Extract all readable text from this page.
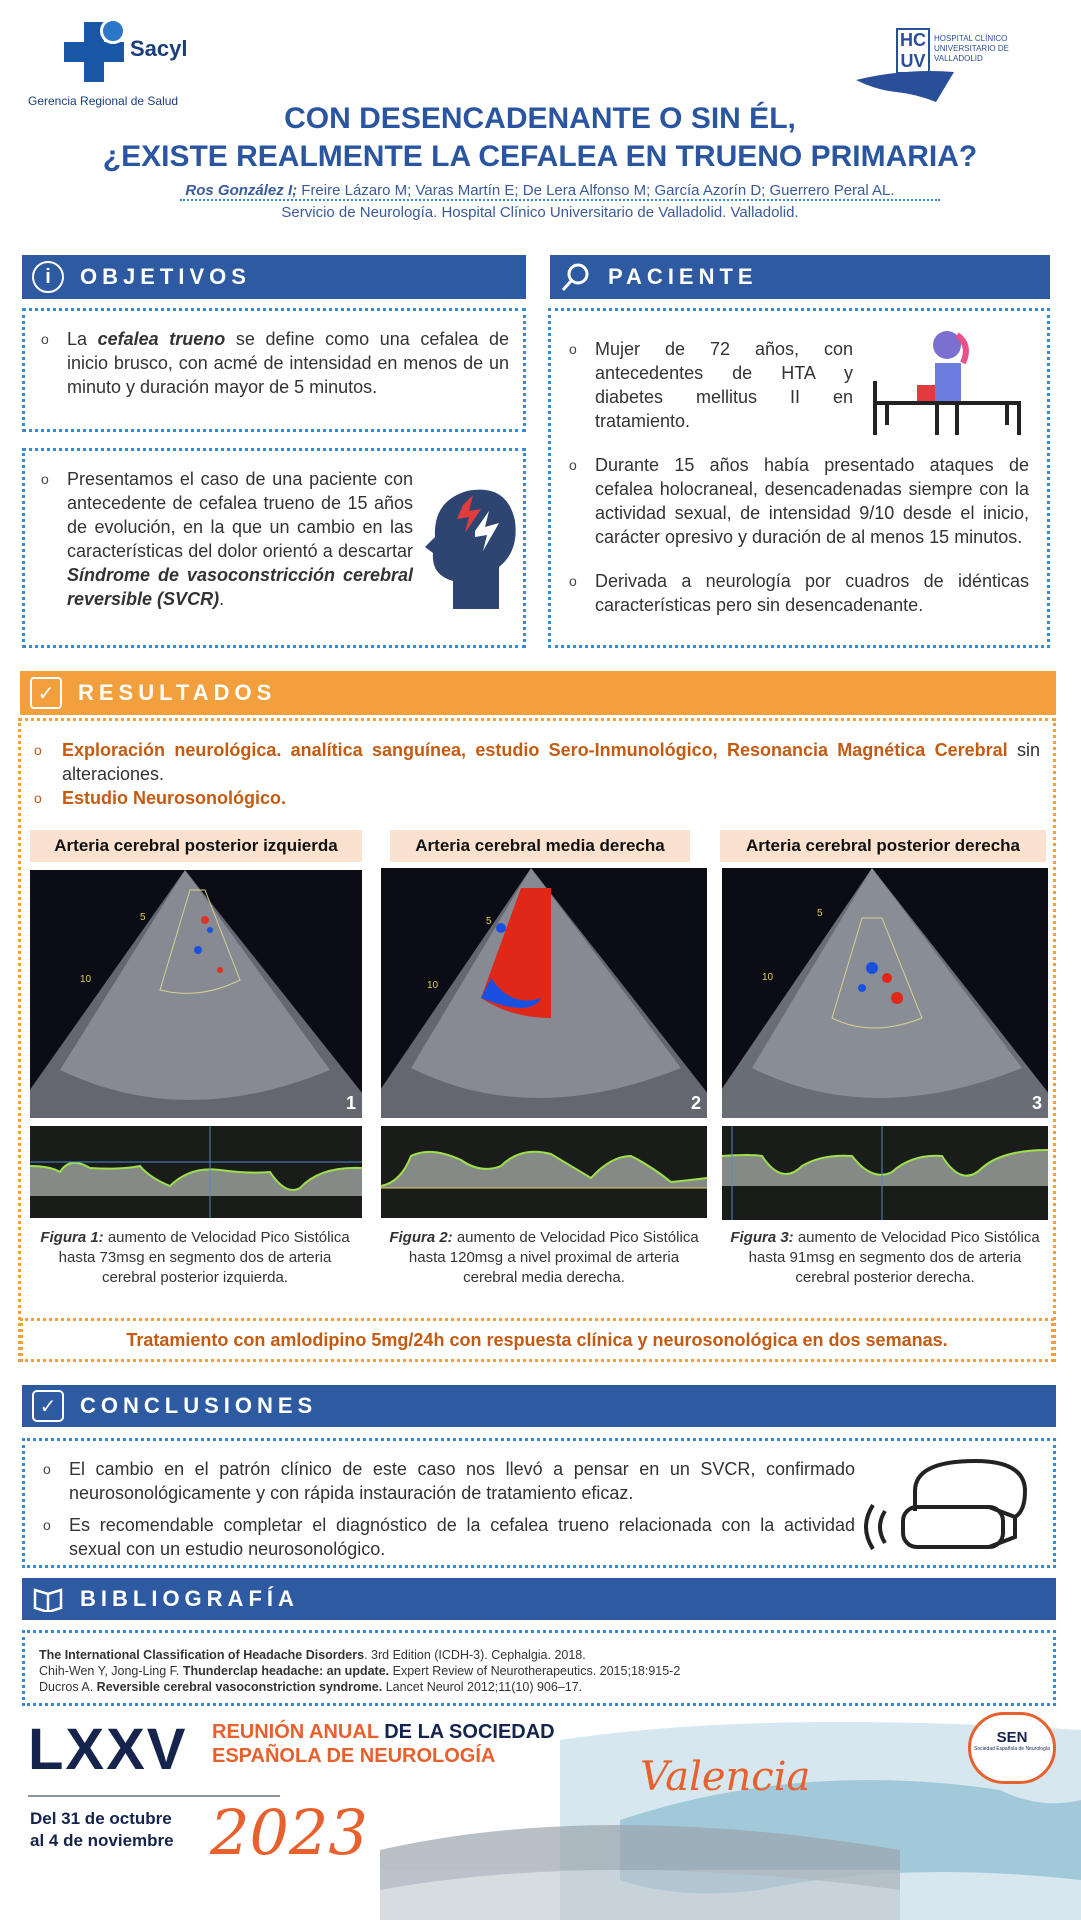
Sacyl
Gerencia Regional de Salud
HC UV
HOSPITAL CLÍNICO UNIVERSITARIO DE VALLADOLID
CON DESENCADENANTE O SIN ÉL,
¿EXISTE REALMENTE LA CEFALEA EN TRUENO PRIMARIA?
Ros González I; Freire Lázaro M; Varas Martín E; De Lera Alfonso M; García Azorín D; Guerrero Peral AL.
Servicio de Neurología. Hospital Clínico Universitario de Valladolid. Valladolid.
i	OBJETIVOS
o La cefalea trueno se define como una cefalea de inicio brusco, con acmé de intensidad en menos de un minuto y duración mayor de 5 minutos.
o Presentamos el caso de una paciente con antecedente de cefalea trueno de 15 años de evolución, en la que un cambio en las características del dolor orientó a descartar Síndrome de vasoconstricción cerebral reversible (SVCR).
PACIENTE
o Mujer de 72 años, con antecedentes de HTA y diabetes mellitus II en tratamiento.
o Durante 15 años había presentado ataques de cefalea holocraneal, desencadenadas siempre con la actividad sexual, de intensidad 9/10 desde el inicio, carácter opresivo y duración de al menos 15 minutos.
o Derivada a neurología por cuadros de idénticas características pero sin desencadenante.
✓	RESULTADOS
o Exploración neurológica. analítica sanguínea, estudio Sero-Inmunológico, Resonancia Magnética Cerebral sin alteraciones.
o Estudio Neurosonológico.
Arteria cerebral posterior izquierda
5
10
1
Figura 1: aumento de Velocidad Pico Sistólica hasta 73msg en segmento dos de arteria cerebral posterior izquierda.
Arteria cerebral media derecha
5
10
2
Figura 2: aumento de Velocidad Pico Sistólica hasta 120msg a nivel proximal de arteria cerebral media derecha.
Arteria cerebral posterior derecha
5
10
3
Figura 3: aumento de Velocidad Pico Sistólica hasta 91msg en segmento dos de arteria cerebral posterior derecha.
Tratamiento con amlodipino 5mg/24h con respuesta clínica y neurosonológica en dos semanas.
✓	CONCLUSIONES
o El cambio en el patrón clínico de este caso nos llevó a pensar en un SVCR, confirmado neurosonológicamente y con rápida instauración de tratamiento eficaz.
o Es recomendable completar el diagnóstico de la cefalea trueno relacionada con la actividad sexual con un estudio neurosonológico.
BIBLIOGRAFÍA
The International Classification of Headache Disorders. 3rd Edition (ICDH-3). Cephalgia. 2018.
Chih-Wen Y, Jong-Ling F. Thunderclap headache: an update. Expert Review of Neurotherapeutics. 2015;18:915-2
Ducros A. Reversible cerebral vasoconstriction syndrome. Lancet Neurol 2012;11(10) 906–17.
LXXV REUNIÓN ANUAL DE LA SOCIEDAD
ESPAÑOLA DE NEUROLOGÍA	Valencia
Del 31 de octubre
al 4 de noviembre 2023
SEN
Sociedad Española de Neurología
